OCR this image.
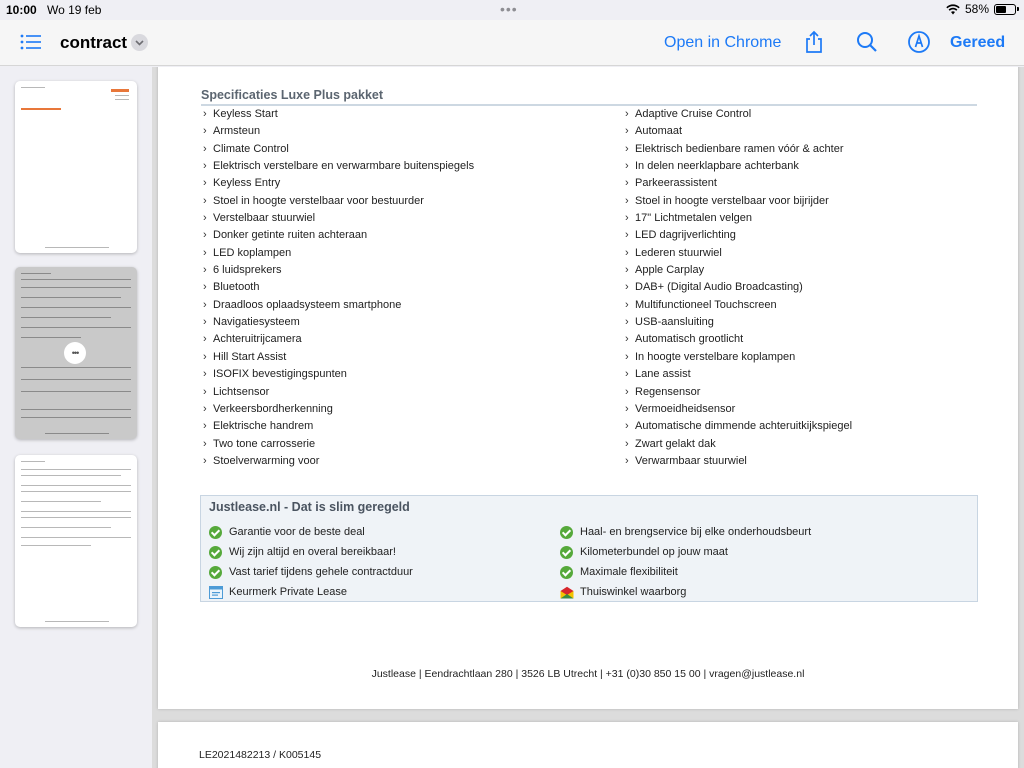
10:00 Wo 19 feb	•••	58%
contract	Open in Chrome	Gereed
•••
Specificaties Luxe Plus pakket
› Keyless Start
› Armsteun
› Climate Control
› Elektrisch verstelbare en verwarmbare buitenspiegels
› Keyless Entry
› Stoel in hoogte verstelbaar voor bestuurder
› Verstelbaar stuurwiel
› Donker getinte ruiten achteraan
› LED koplampen
› 6 luidsprekers
› Bluetooth
› Draadloos oplaadsysteem smartphone
› Navigatiesysteem
› Achteruitrijcamera
› Hill Start Assist
› ISOFIX bevestigingspunten
› Lichtsensor
› Verkeersbordherkenning
› Elektrische handrem
› Two tone carrosserie
› Stoelverwarming voor
› Adaptive Cruise Control
› Automaat
› Elektrisch bedienbare ramen vóór & achter
› In delen neerklapbare achterbank
› Parkeerassistent
› Stoel in hoogte verstelbaar voor bijrijder
› 17" Lichtmetalen velgen
› LED dagrijverlichting
› Lederen stuurwiel
› Apple Carplay
› DAB+ (Digital Audio Broadcasting)
› Multifunctioneel Touchscreen
› USB-aansluiting
› Automatisch grootlicht
› In hoogte verstelbare koplampen
› Lane assist
› Regensensor
› Vermoeidheidsensor
› Automatische dimmende achteruitkijkspiegel
› Zwart gelakt dak
› Verwarmbaar stuurwiel
Justlease.nl - Dat is slim geregeld
Garantie voor de beste deal
Wij zijn altijd en overal bereikbaar!
Vast tarief tijdens gehele contractduur
Keurmerk Private Lease
Haal- en brengservice bij elke onderhoudsbeurt
Kilometerbundel op jouw maat
Maximale flexibiliteit
Thuiswinkel waarborg
Justlease | Eendrachtlaan 280 | 3526 LB Utrecht | +31 (0)30 850 15 00 | vragen@justlease.nl
LE2021482213 / K005145
